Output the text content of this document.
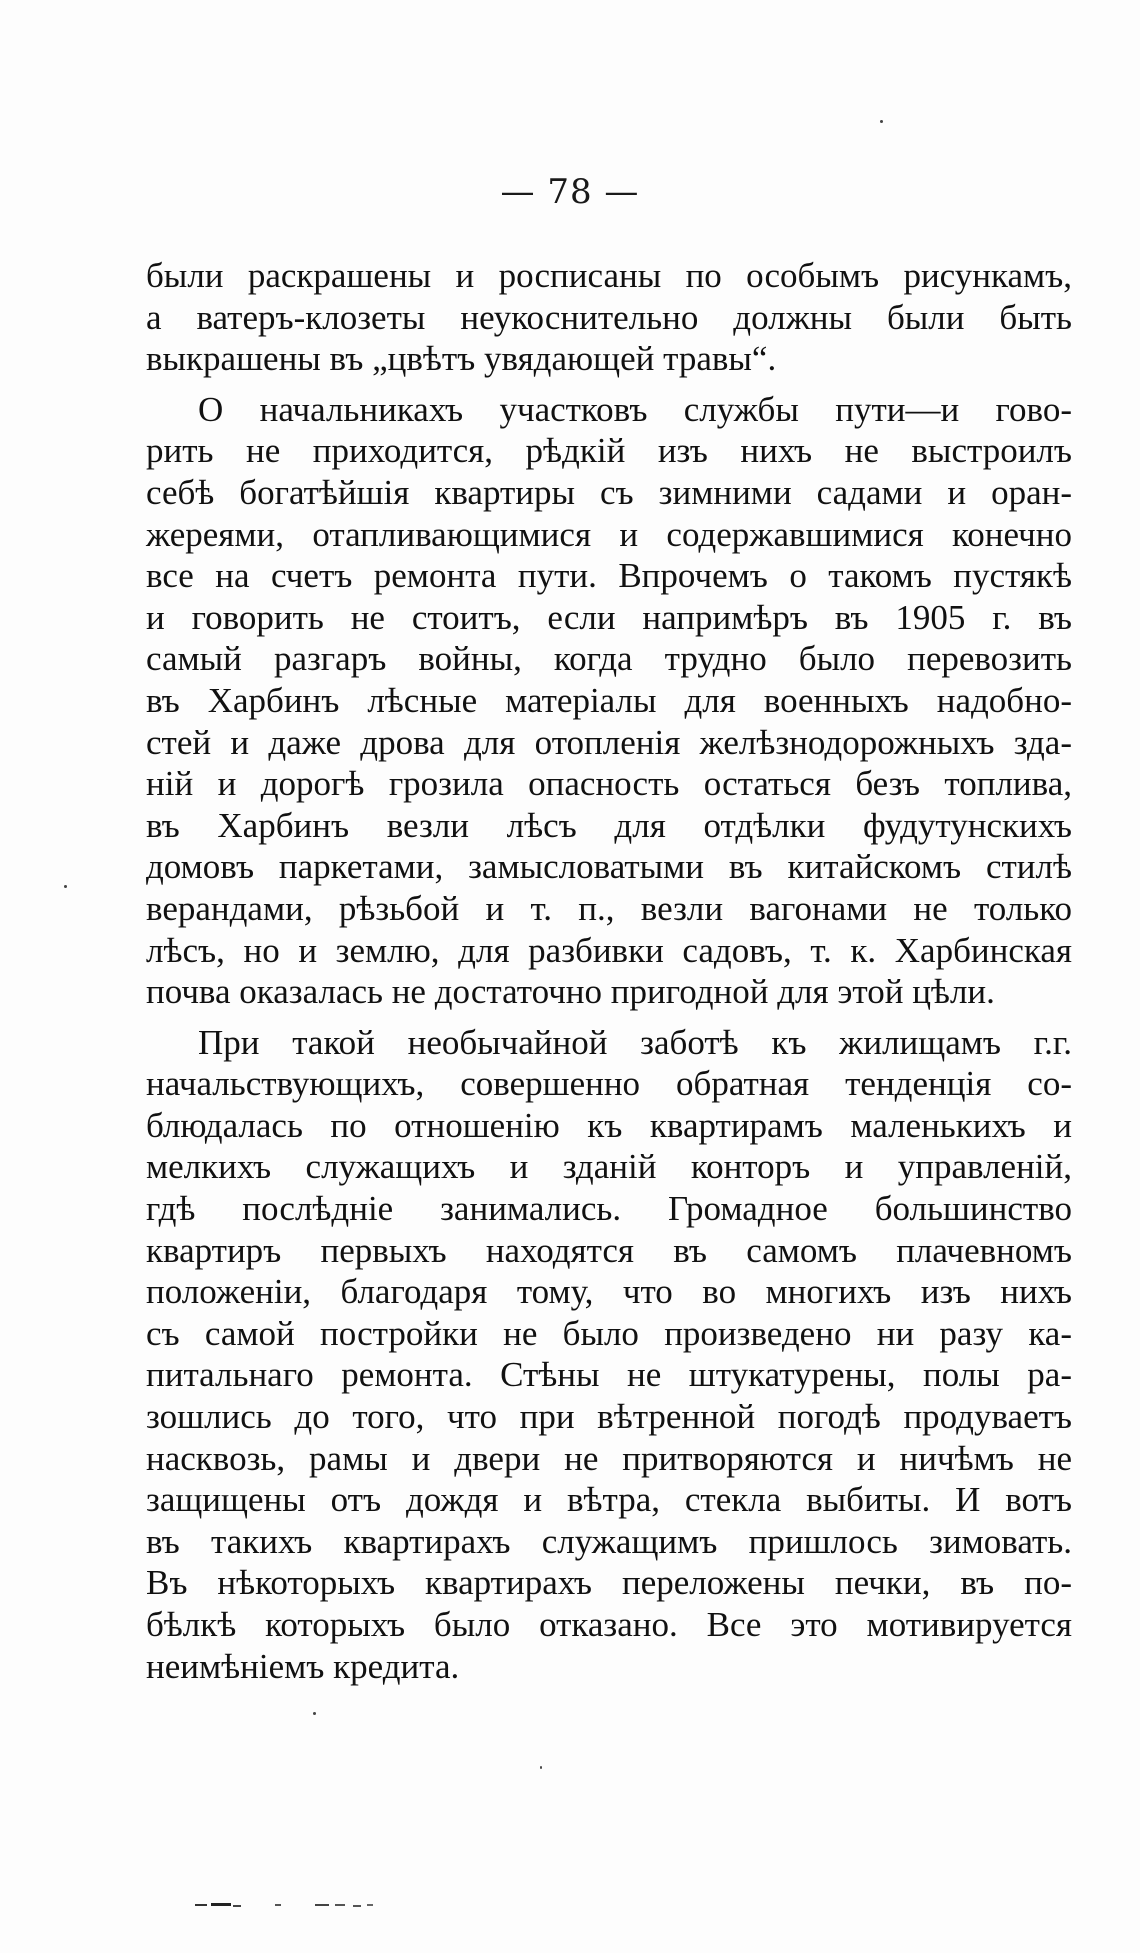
— 78 —
были раскрашены и росписаны по особымъ рисункамъ,
а ватеръ-клозеты неукоснительно должны были быть
выкрашены въ „цвѣтъ увядающей травы“.
О начальникахъ участковъ службы пути—и гово-
рить не приходится, рѣдкій изъ нихъ не выстроилъ
себѣ богатѣйшія квартиры съ зимними садами и оран-
жереями, отапливающимися и содержавшимися конечно
все на счетъ ремонта пути. Впрочемъ о такомъ пустякѣ
и говорить не стоитъ, если напримѣръ въ 1905 г. въ
самый разгаръ войны, когда трудно было перевозить
въ Харбинъ лѣсные матеріалы для военныхъ надобно-
стей и даже дрова для отопленія желѣзнодорожныхъ зда-
ній и дорогѣ грозила опасность остаться безъ топлива,
въ Харбинъ везли лѣсъ для отдѣлки фудутунскихъ
домовъ паркетами, замысловатыми въ китайскомъ стилѣ
верандами, рѣзьбой и т. п., везли вагонами не только
лѣсъ, но и землю, для разбивки садовъ, т. к. Харбинская
почва оказалась не достаточно пригодной для этой цѣли.
При такой необычайной заботѣ къ жилищамъ г.г.
начальствующихъ, совершенно обратная тенденція со-
блюдалась по отношенію къ квартирамъ маленькихъ и
мелкихъ служащихъ и зданій конторъ и управленій,
гдѣ послѣдніе занимались. Громадное большинство
квартиръ первыхъ находятся въ самомъ плачевномъ
положеніи, благодаря тому, что во многихъ изъ нихъ
съ самой постройки не было произведено ни разу ка-
питальнаго ремонта. Стѣны не штукатурены, полы ра-
зошлись до того, что при вѣтренной погодѣ продуваетъ
насквозь, рамы и двери не притворяются и ничѣмъ не
защищены отъ дождя и вѣтра, стекла выбиты. И вотъ
въ такихъ квартирахъ служащимъ пришлось зимовать.
Въ нѣкоторыхъ квартирахъ переложены печки, въ по-
бѣлкѣ которыхъ было отказано. Все это мотивируется
неимѣніемъ кредита.
